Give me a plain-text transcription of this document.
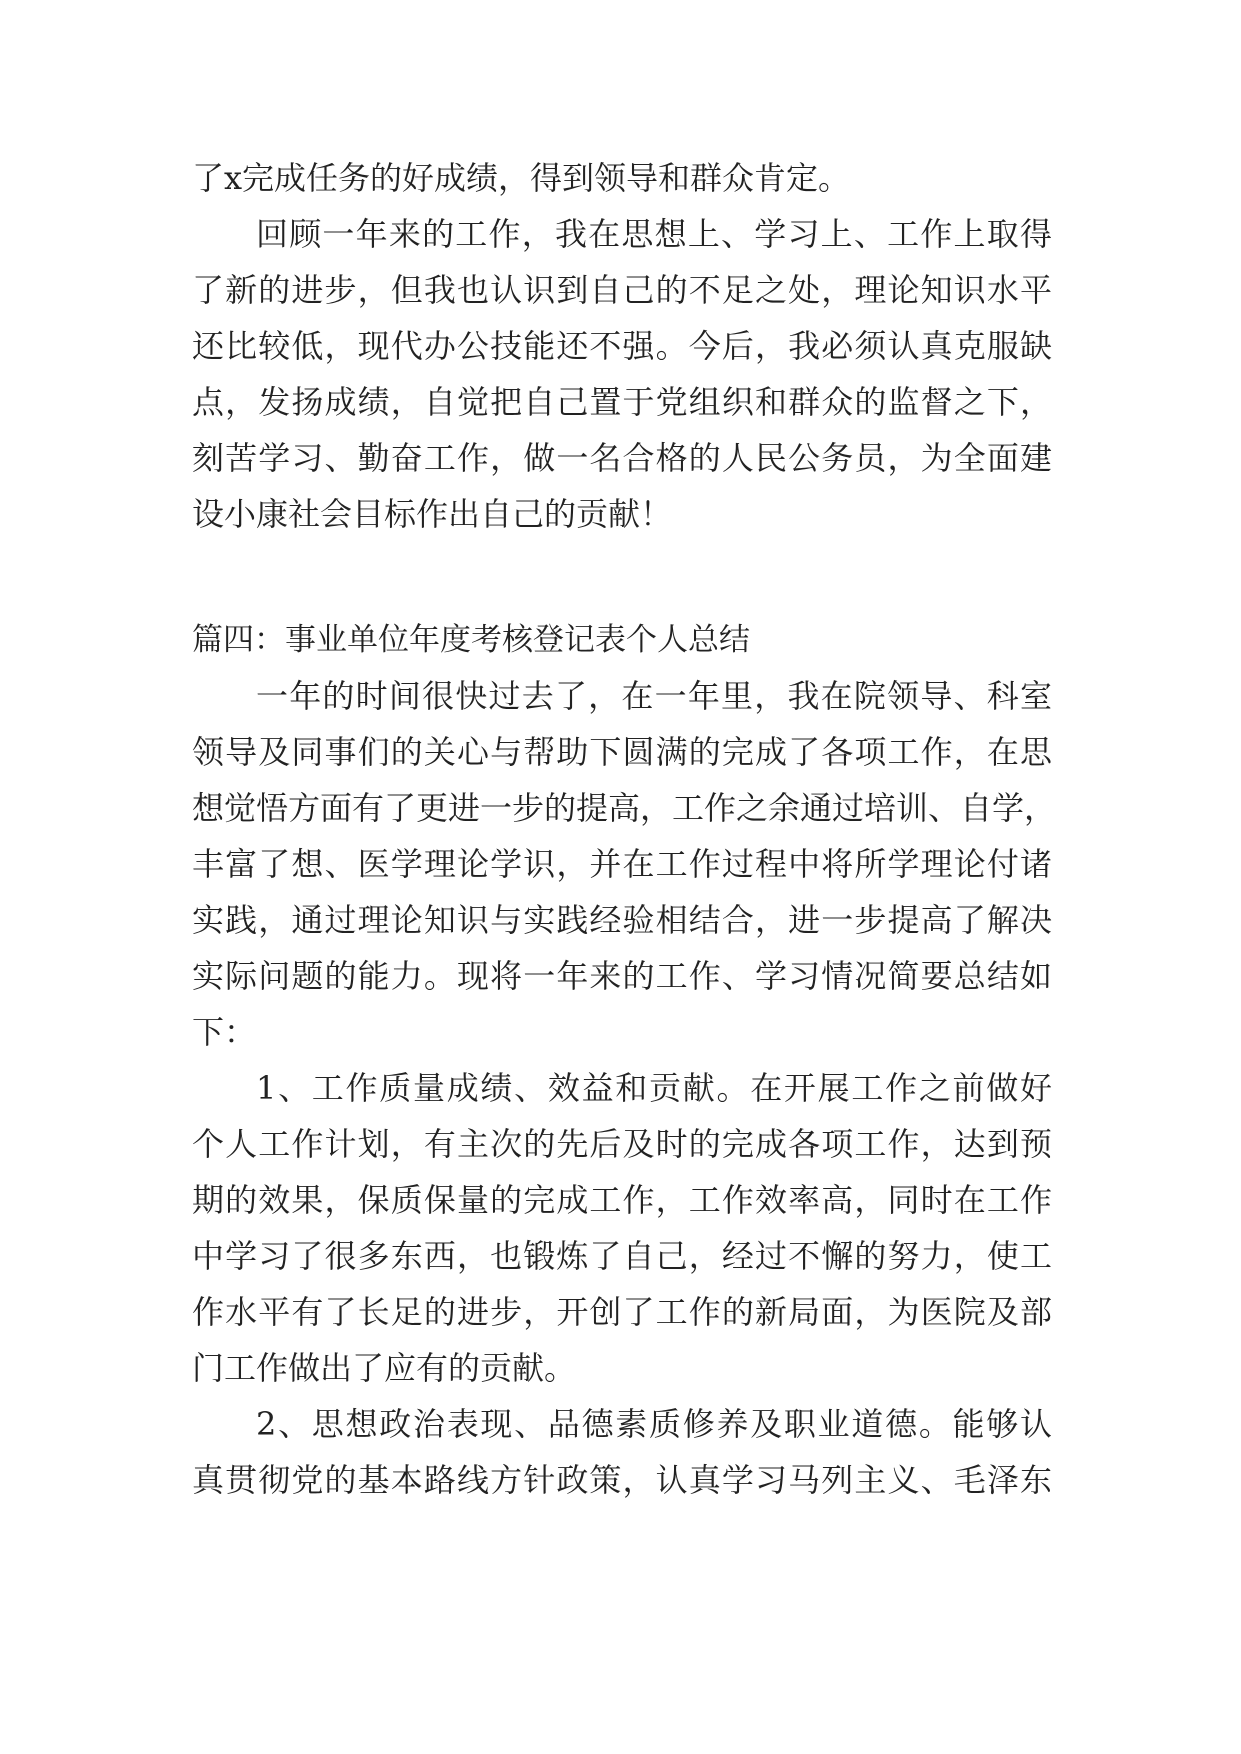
了x完成任务的好成绩，得到领导和群众肯定。

回顾一年来的工作，我在思想上、学习上、工作上取得

了新的进步，但我也认识到自己的不足之处，理论知识水平

还比较低，现代办公技能还不强。今后，我必须认真克服缺

点，发扬成绩，自觉把自己置于党组织和群众的监督之下，

刻苦学习、勤奋工作，做一名合格的人民公务员，为全面建

设小康社会目标作出自己的贡献！

篇四：事业单位年度考核登记表个人总结

一年的时间很快过去了，在一年里，我在院领导、科室

领导及同事们的关心与帮助下圆满的完成了各项工作，在思

想觉悟方面有了更进一步的提高，工作之余通过培训、自学，

丰富了想、医学理论学识，并在工作过程中将所学理论付诸

实践，通过理论知识与实践经验相结合，进一步提高了解决

实际问题的能力。现将一年来的工作、学习情况简要总结如

下：

1、工作质量成绩、效益和贡献。在开展工作之前做好

个人工作计划，有主次的先后及时的完成各项工作，达到预

期的效果，保质保量的完成工作，工作效率高，同时在工作

中学习了很多东西，也锻炼了自己，经过不懈的努力，使工

作水平有了长足的进步，开创了工作的新局面，为医院及部

门工作做出了应有的贡献。

2、思想政治表现、品德素质修养及职业道德。能够认

真贯彻党的基本路线方针政策，认真学习马列主义、毛泽东
